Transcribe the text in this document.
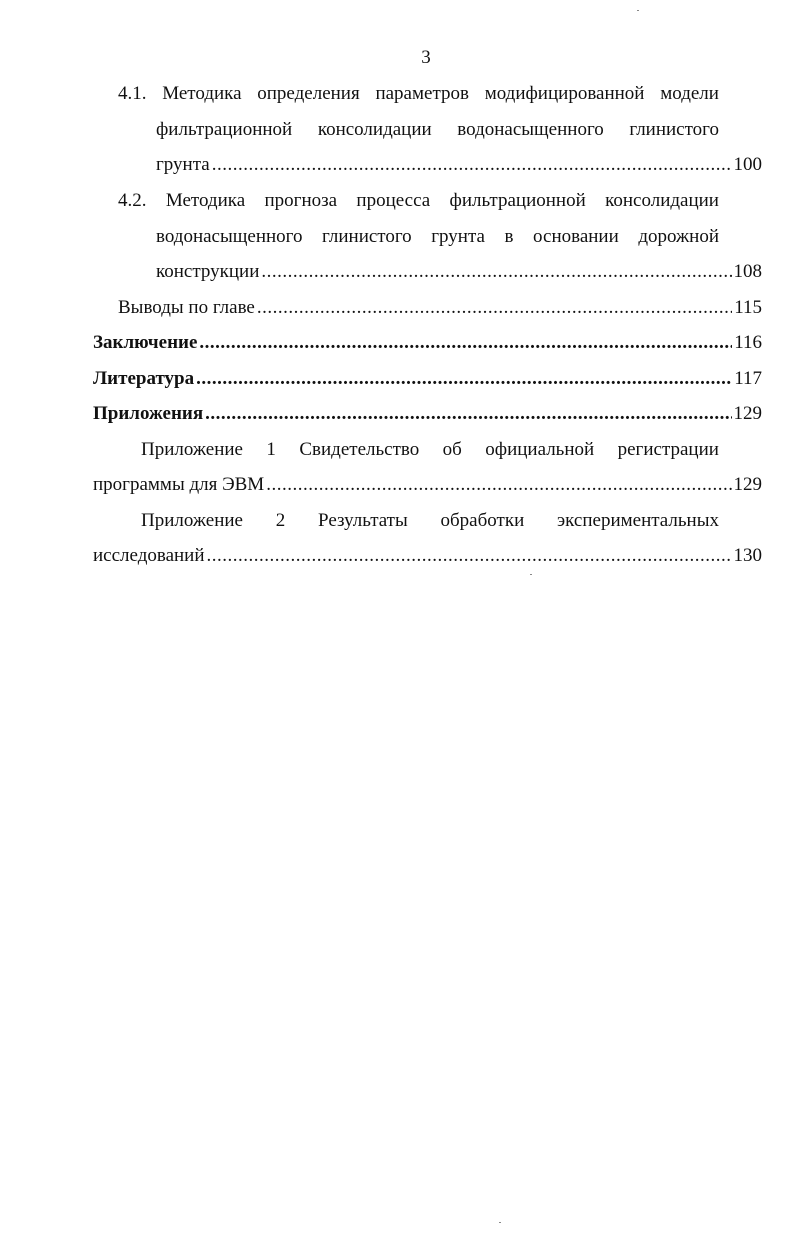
3
4.1. Методика определения параметров модифицированной модели
фильтрационной консолидации водонасыщенного глинистого
грунта .....	100
4.2. Методика прогноза процесса фильтрационной консолидации
водонасыщенного глинистого грунта в основании дорожной
конструкции .....	108
Выводы по главе .....	115
Заключение .....	116
Литература .....	117
Приложения .....	129
Приложение 1 Свидетельство об официальной регистрации
программы для ЭВМ .....	129
Приложение 2 Результаты обработки экспериментальных
исследований .....	130
